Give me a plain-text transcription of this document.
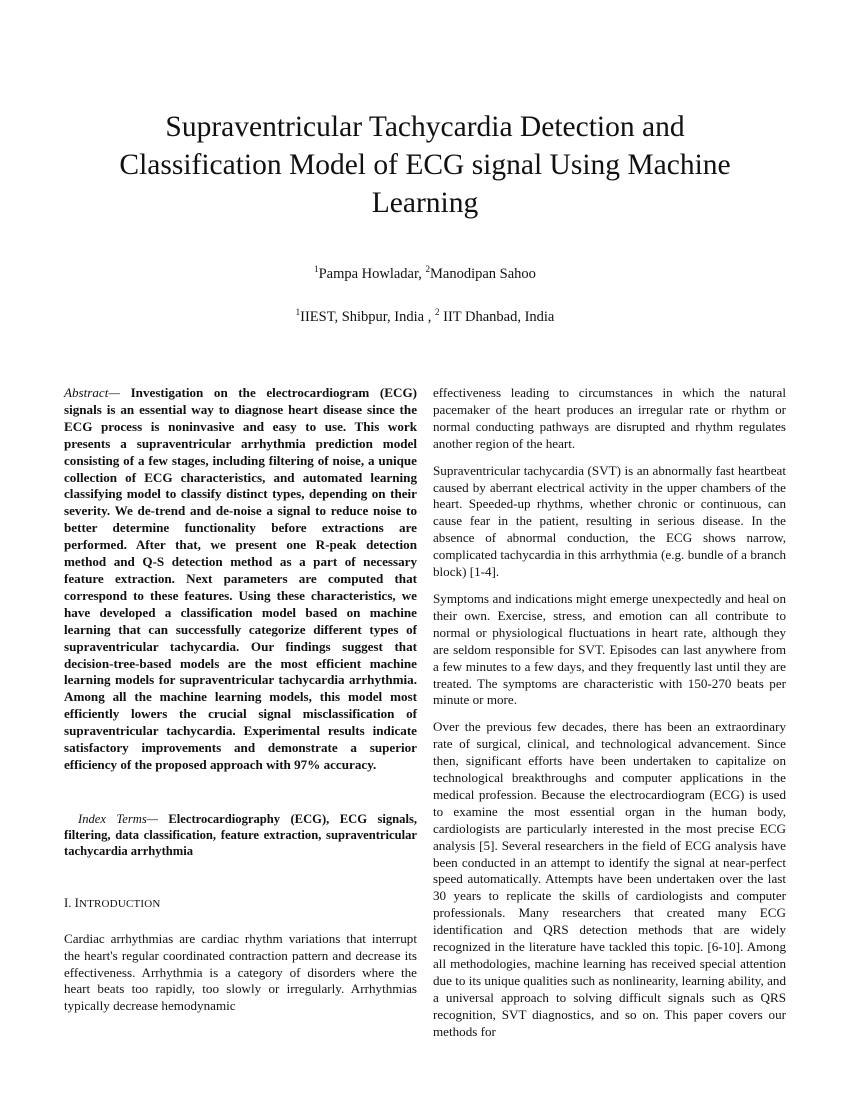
Supraventricular Tachycardia Detection and Classification Model of ECG signal Using Machine Learning
$^1$Pampa Howladar, $^2$Manodipan Sahoo
$^1$IIEST, Shibpur, India , $^2$ IIT Dhanbad, India

Abstract— Investigation on the electrocardiogram (ECG) signals is an essential way to diagnose heart disease since the ECG process is noninvasive and easy to use. This work presents a supraventricular arrhythmia prediction model consisting of a few stages, including filtering of noise, a unique collection of ECG characteristics, and automated learning classifying model to classify distinct types, depending on their severity. We de-trend and de-noise a signal to reduce noise to better determine functionality before extractions are performed. After that, we present one R-peak detection method and Q-S detection method as a part of necessary feature extraction. Next parameters are computed that correspond to these features. Using these characteristics, we have developed a classification model based on machine learning that can successfully categorize different types of supraventricular tachycardia. Our findings suggest that decision-tree-based models are the most efficient machine learning models for supraventricular tachycardia arrhythmia. Among all the machine learning models, this model most efficiently lowers the crucial signal misclassification of supraventricular tachycardia. Experimental results indicate satisfactory improvements and demonstrate a superior efficiency of the proposed approach with 97% accuracy.

Index Terms— Electrocardiography (ECG), ECG signals, filtering, data classification, feature extraction, supraventricular tachycardia arrhythmia

I. INTRODUCTION

Cardiac arrhythmias are cardiac rhythm variations that interrupt the heart's regular coordinated contraction pattern and decrease its effectiveness. Arrhythmia is a category of disorders where the heart beats too rapidly, too slowly or irregularly. Arrhythmias typically decrease hemodynamic

effectiveness leading to circumstances in which the natural pacemaker of the heart produces an irregular rate or rhythm or normal conducting pathways are disrupted and rhythm regulates another region of the heart.

Supraventricular tachycardia (SVT) is an abnormally fast heartbeat caused by aberrant electrical activity in the upper chambers of the heart. Speeded-up rhythms, whether chronic or continuous, can cause fear in the patient, resulting in serious disease. In the absence of abnormal conduction, the ECG shows narrow, complicated tachycardia in this arrhythmia (e.g. bundle of a branch block) [1-4].

Symptoms and indications might emerge unexpectedly and heal on their own. Exercise, stress, and emotion can all contribute to normal or physiological fluctuations in heart rate, although they are seldom responsible for SVT. Episodes can last anywhere from a few minutes to a few days, and they frequently last until they are treated. The symptoms are characteristic with 150-270 beats per minute or more.

Over the previous few decades, there has been an extraordinary rate of surgical, clinical, and technological advancement. Since then, significant efforts have been undertaken to capitalize on technological breakthroughs and computer applications in the medical profession. Because the electrocardiogram (ECG) is used to examine the most essential organ in the human body, cardiologists are particularly interested in the most precise ECG analysis [5]. Several researchers in the field of ECG analysis have been conducted in an attempt to identify the signal at near-perfect speed automatically. Attempts have been undertaken over the last 30 years to replicate the skills of cardiologists and computer professionals. Many researchers that created many ECG identification and QRS detection methods that are widely recognized in the literature have tackled this topic. [6-10]. Among all methodologies, machine learning has received special attention due to its unique qualities such as nonlinearity, learning ability, and a universal approach to solving difficult signals such as QRS recognition, SVT diagnostics, and so on. This paper covers our methods for
